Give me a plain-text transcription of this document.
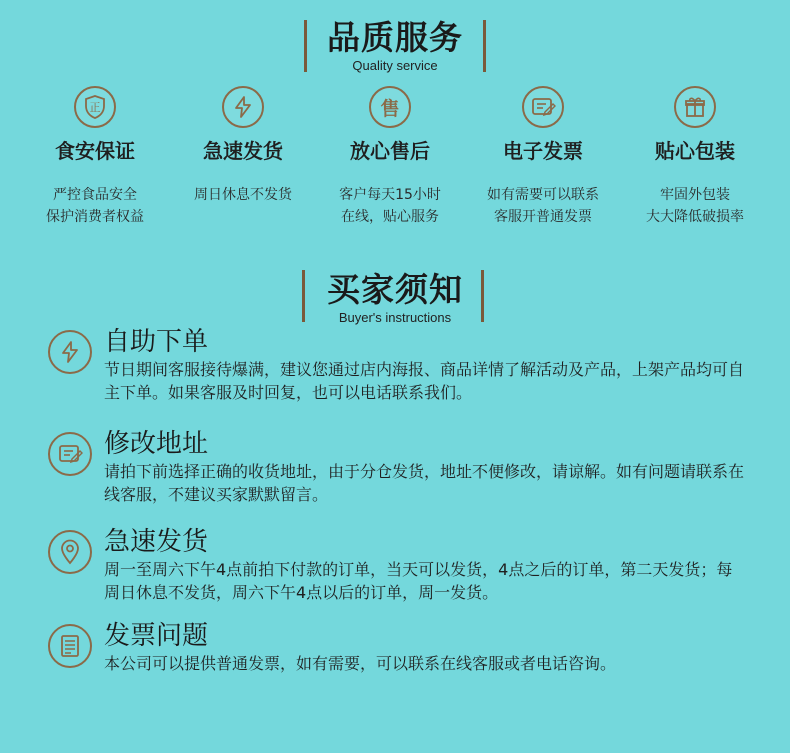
品质服务
Quality service
正
食安保证
严控食品安全
保护消费者权益
急速发货
周日休息不发货
售
放心售后
客户每天15小时
在线，贴心服务
电子发票
如有需要可以联系
客服开普通发票
贴心包装
牢固外包装
大大降低破损率
买家须知
Buyer's instructions
自助下单
节日期间客服接待爆满，建议您通过店内海报、商品详情了解活动及产品，上架产品均可自主下单。如果客服及时回复，也可以电话联系我们。
修改地址
请拍下前选择正确的收货地址，由于分仓发货，地址不便修改，请谅解。如有问题请联系在线客服，不建议买家默默留言。
急速发货
周一至周六下午4点前拍下付款的订单，当天可以发货，4点之后的订单，第二天发货；每周日休息不发货，周六下午4点以后的订单，周一发货。
发票问题
本公司可以提供普通发票，如有需要，可以联系在线客服或者电话咨询。
